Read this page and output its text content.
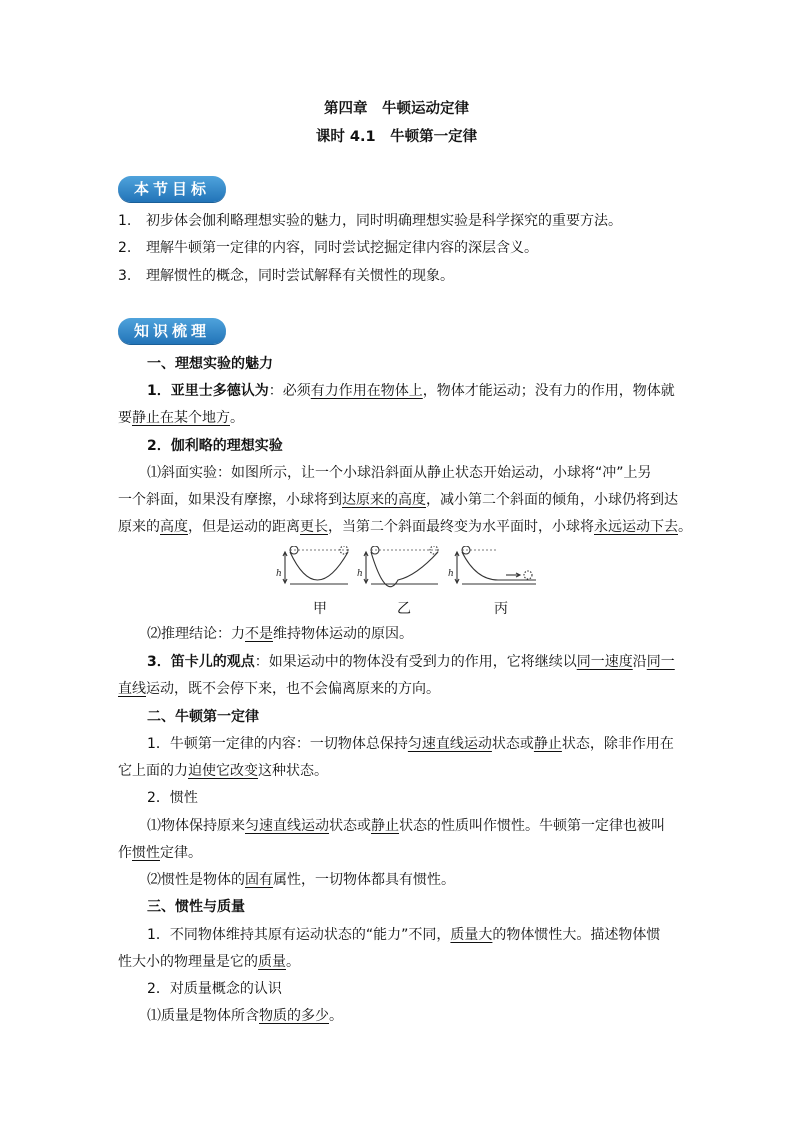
第四章　牛顿运动定律
课时 4.1　牛顿第一定律
本节目标
1. 初步体会伽利略理想实验的魅力，同时明确理想实验是科学探究的重要方法。
2. 理解牛顿第一定律的内容，同时尝试挖掘定律内容的深层含义。
3. 理解惯性的概念，同时尝试解释有关惯性的现象。
知识梳理
一、理想实验的魅力
1．亚里士多德认为：必须有力作用在物体上，物体才能运动；没有力的作用，物体就
要静止在某个地方。
2．伽利略的理想实验
⑴斜面实验：如图所示，让一个小球沿斜面从静止状态开始运动，小球将“冲”上另
一个斜面，如果没有摩擦，小球将到达原来的高度，减小第二个斜面的倾角，小球仍将到达
原来的高度，但是运动的距离更长，当第二个斜面最终变为水平面时，小球将永远运动下去。
h	h	h
甲	乙	丙
⑵推理结论：力不是维持物体运动的原因。
3．笛卡儿的观点：如果运动中的物体没有受到力的作用，它将继续以同一速度沿同一
直线运动，既不会停下来，也不会偏离原来的方向。
二、牛顿第一定律
1．牛顿第一定律的内容：一切物体总保持匀速直线运动状态或静止状态，除非作用在
它上面的力迫使它改变这种状态。
2．惯性
⑴物体保持原来匀速直线运动状态或静止状态的性质叫作惯性。牛顿第一定律也被叫
作惯性定律。
⑵惯性是物体的固有属性，一切物体都具有惯性。
三、惯性与质量
1．不同物体维持其原有运动状态的“能力”不同，质量大的物体惯性大。描述物体惯
性大小的物理量是它的质量。
2．对质量概念的认识
⑴质量是物体所含物质的多少。
